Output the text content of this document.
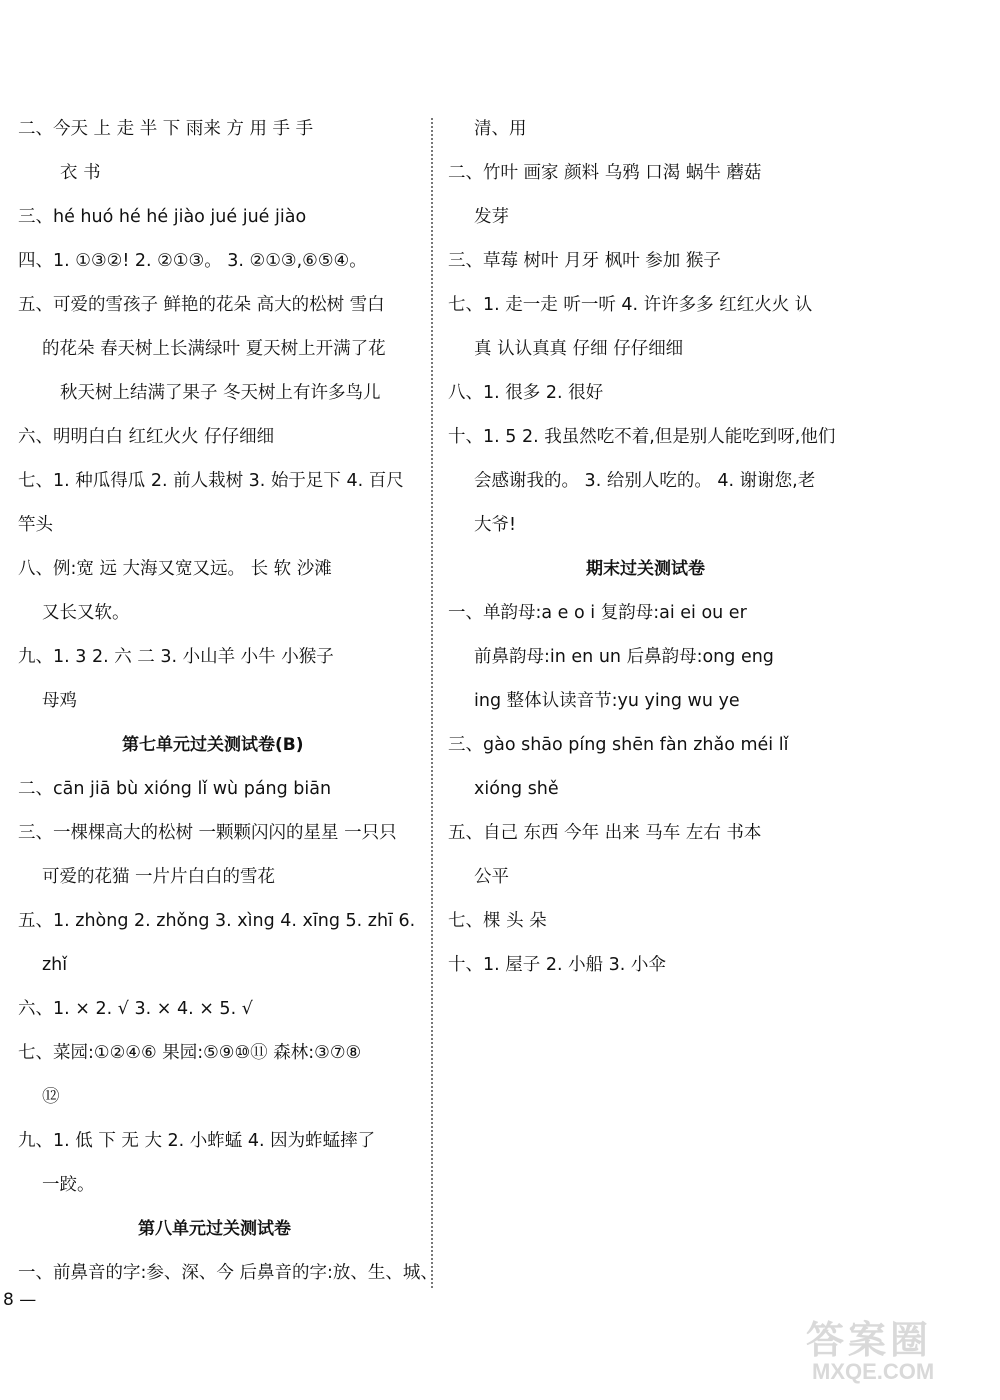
二、今天 上 走 半 下 雨来 方 用 手 手
衣 书
三、hé huó hé hé jiào jué jué jiào
四、1. ①③②! 2. ②①③。 3. ②①③,⑥⑤④。
五、可爱的雪孩子 鲜艳的花朵 高大的松树 雪白
的花朵 春天树上长满绿叶 夏天树上开满了花
秋天树上结满了果子 冬天树上有许多鸟儿
六、明明白白 红红火火 仔仔细细
七、1. 种瓜得瓜 2. 前人栽树 3. 始于足下 4. 百尺
竿头
八、例:宽 远 大海又宽又远。 长 软 沙滩
又长又软。
九、1. 3 2. 六 二 3. 小山羊 小牛 小猴子
母鸡
第七单元过关测试卷(B)
二、cān jiā bù xióng lǐ wù páng biān
三、一棵棵高大的松树 一颗颗闪闪的星星 一只只
可爱的花猫 一片片白白的雪花
五、1. zhòng 2. zhǒng 3. xìng 4. xīng 5. zhī 6.
zhǐ
六、1. × 2. √ 3. × 4. × 5. √
七、菜园:①②④⑥ 果园:⑤⑨⑩⑪ 森林:③⑦⑧
⑫
九、1. 低 下 无 大 2. 小蚱蜢 4. 因为蚱蜢摔了
一跤。
第八单元过关测试卷
一、前鼻音的字:参、深、今 后鼻音的字:放、生、城、
清、用
二、竹叶 画家 颜料 乌鸦 口渴 蜗牛 蘑菇
发芽
三、草莓 树叶 月牙 枫叶 参加 猴子
七、1. 走一走 听一听 4. 许许多多 红红火火 认
真 认认真真 仔细 仔仔细细
八、1. 很多 2. 很好
十、1. 5 2. 我虽然吃不着,但是别人能吃到呀,他们
会感谢我的。 3. 给别人吃的。 4. 谢谢您,老
大爷!
期末过关测试卷
一、单韵母:a e o i 复韵母:ai ei ou er
前鼻韵母:in en un 后鼻韵母:ong eng
ing 整体认读音节:yu ying wu ye
三、gào shāo píng shēn fàn zhǎo méi lǐ
xióng shě
五、自己 东西 今年 出来 马车 左右 书本
公平
七、棵 头 朵
十、1. 屋子 2. 小船 3. 小伞
8 —
答案圈
MXQE.COM
